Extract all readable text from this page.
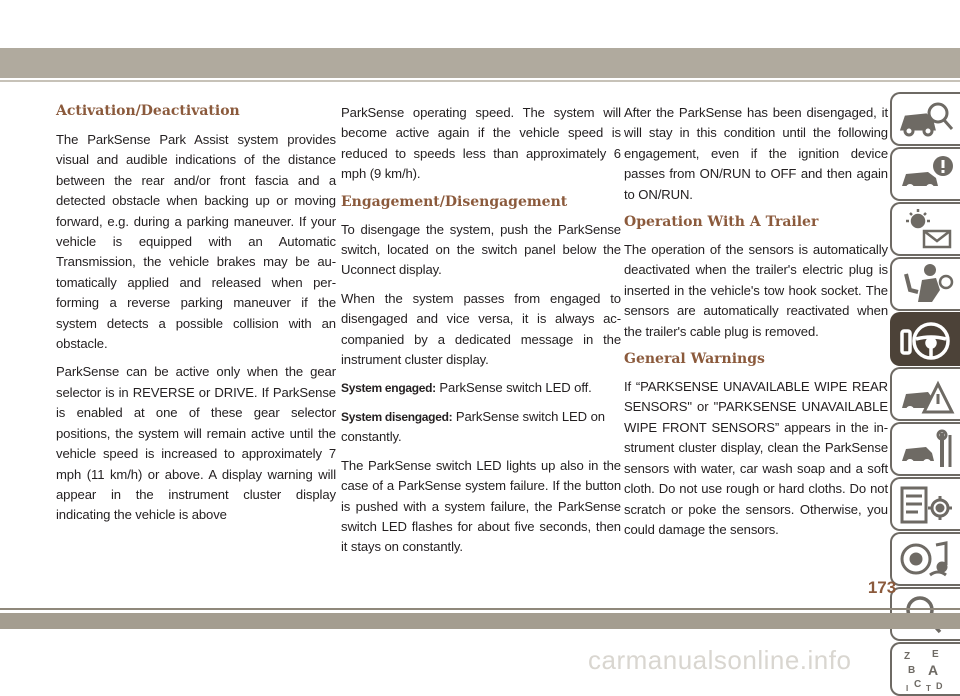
Activation/Deactivation

The ParkSense Park Assist system provides visual and audible indications of the distance between the rear and/or front fascia and a detected obstacle when backing up or moving forward, e.g. during a parking maneuver. If your vehicle is equipped with an Automatic Transmission, the vehicle brakes may be au- tomatically applied and released when per- forming a reverse parking maneuver if the system detects a possible collision with an obstacle.

ParkSense can be active only when the gear selector is in REVERSE or DRIVE. If ParkSense is enabled at one of these gear selector positions, the system will remain active until the vehicle speed is increased to approximately 7 mph (11 km/h) or above. A display warning will appear in the instrument cluster display indicating the vehicle is above

ParkSense operating speed. The system will become active again if the vehicle speed is reduced to speeds less than approximately 6 mph (9 km/h).

Engagement/Disengagement

To disengage the system, push the ParkSense switch, located on the switch panel below the Uconnect display.

When the system passes from engaged to disengaged and vice versa, it is always ac- companied by a dedicated message in the instrument cluster display.

System engaged: ParkSense switch LED off.

System disengaged: ParkSense switch LED on constantly.

The ParkSense switch LED lights up also in the case of a ParkSense system failure. If the button is pushed with a system failure, the ParkSense switch LED flashes for about five seconds, then it stays on constantly.

After the ParkSense has been disengaged, it will stay in this condition until the following engagement, even if the ignition device passes from ON/RUN to OFF and then again to ON/RUN.

Operation With A Trailer

The operation of the sensors is automatically deactivated when the trailer's electric plug is inserted in the vehicle's tow hook socket. The sensors are automatically reactivated when the trailer's cable plug is removed.

General Warnings

If “PARKSENSE UNAVAILABLE WIPE REAR SENSORS" or "PARKSENSE UNAVAILABLE WIPE FRONT SENSORS” appears in the in- strument cluster display, clean the ParkSense sensors with water, car wash soap and a soft cloth. Do not use rough or hard cloths. Do not scratch or poke the sensors. Otherwise, you could damage the sensors.

Z E
B A
C D
I T
173
carmanualsonline.info
